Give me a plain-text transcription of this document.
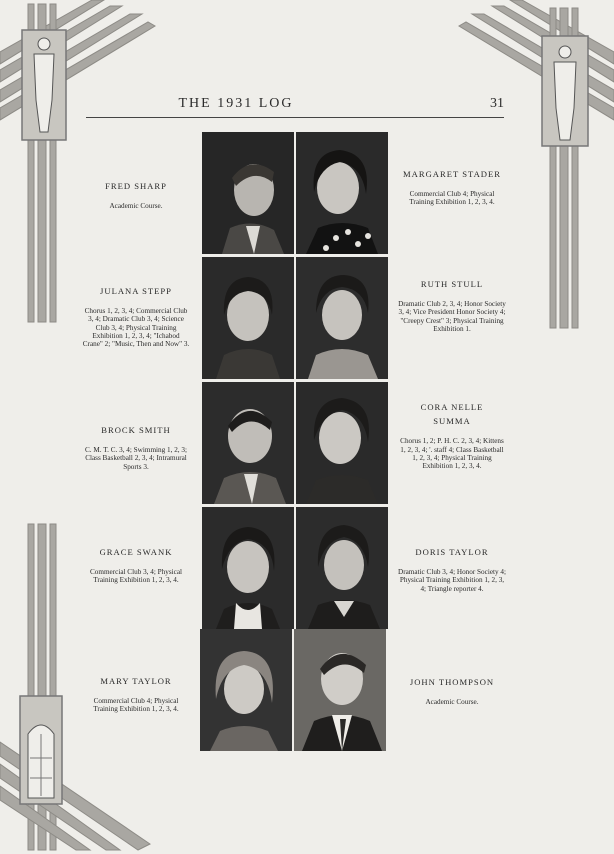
THE 1931 LOG	31
FRED SHARP
Academic Course.
JULANA STEPP
Chorus 1, 2, 3, 4; Commercial Club 3, 4; Dramatic Club 3, 4; Science Club 3, 4; Physical Training Exhibition 1, 2, 3, 4; "Ichabod Crane" 2; "Music, Then and Now" 3.
BROCK SMITH
C. M. T. C. 3, 4; Swimming 1, 2, 3; Class Basketball 2, 3, 4; Intramural Sports 3.
GRACE SWANK
Commercial Club 3, 4; Physical Training Exhibition 1, 2, 3, 4.
MARY TAYLOR
Commercial Club 4; Physical Training Exhibition 1, 2, 3, 4.
MARGARET STADER
Commercial Club 4; Physical Training Exhibition 1, 2, 3, 4.
RUTH STULL
Dramatic Club 2, 3, 4; Honor Society 3, 4; Vice President Honor Society 4; "Creepy Crest" 3; Physical Training Exhibition 1.
CORA NELLE
SUMMA
Chorus 1, 2; P. H. C. 2, 3, 4; Kittens 1, 2, 3, 4; '. staff 4; Class Basketball 1, 2, 3, 4; Physical Training Exhibition 1, 2, 3, 4.
DORIS TAYLOR
Dramatic Club 3, 4; Honor Society 4; Physical Training Exhibition 1, 2, 3, 4; Triangle reporter 4.
JOHN THOMPSON
Academic Course.
